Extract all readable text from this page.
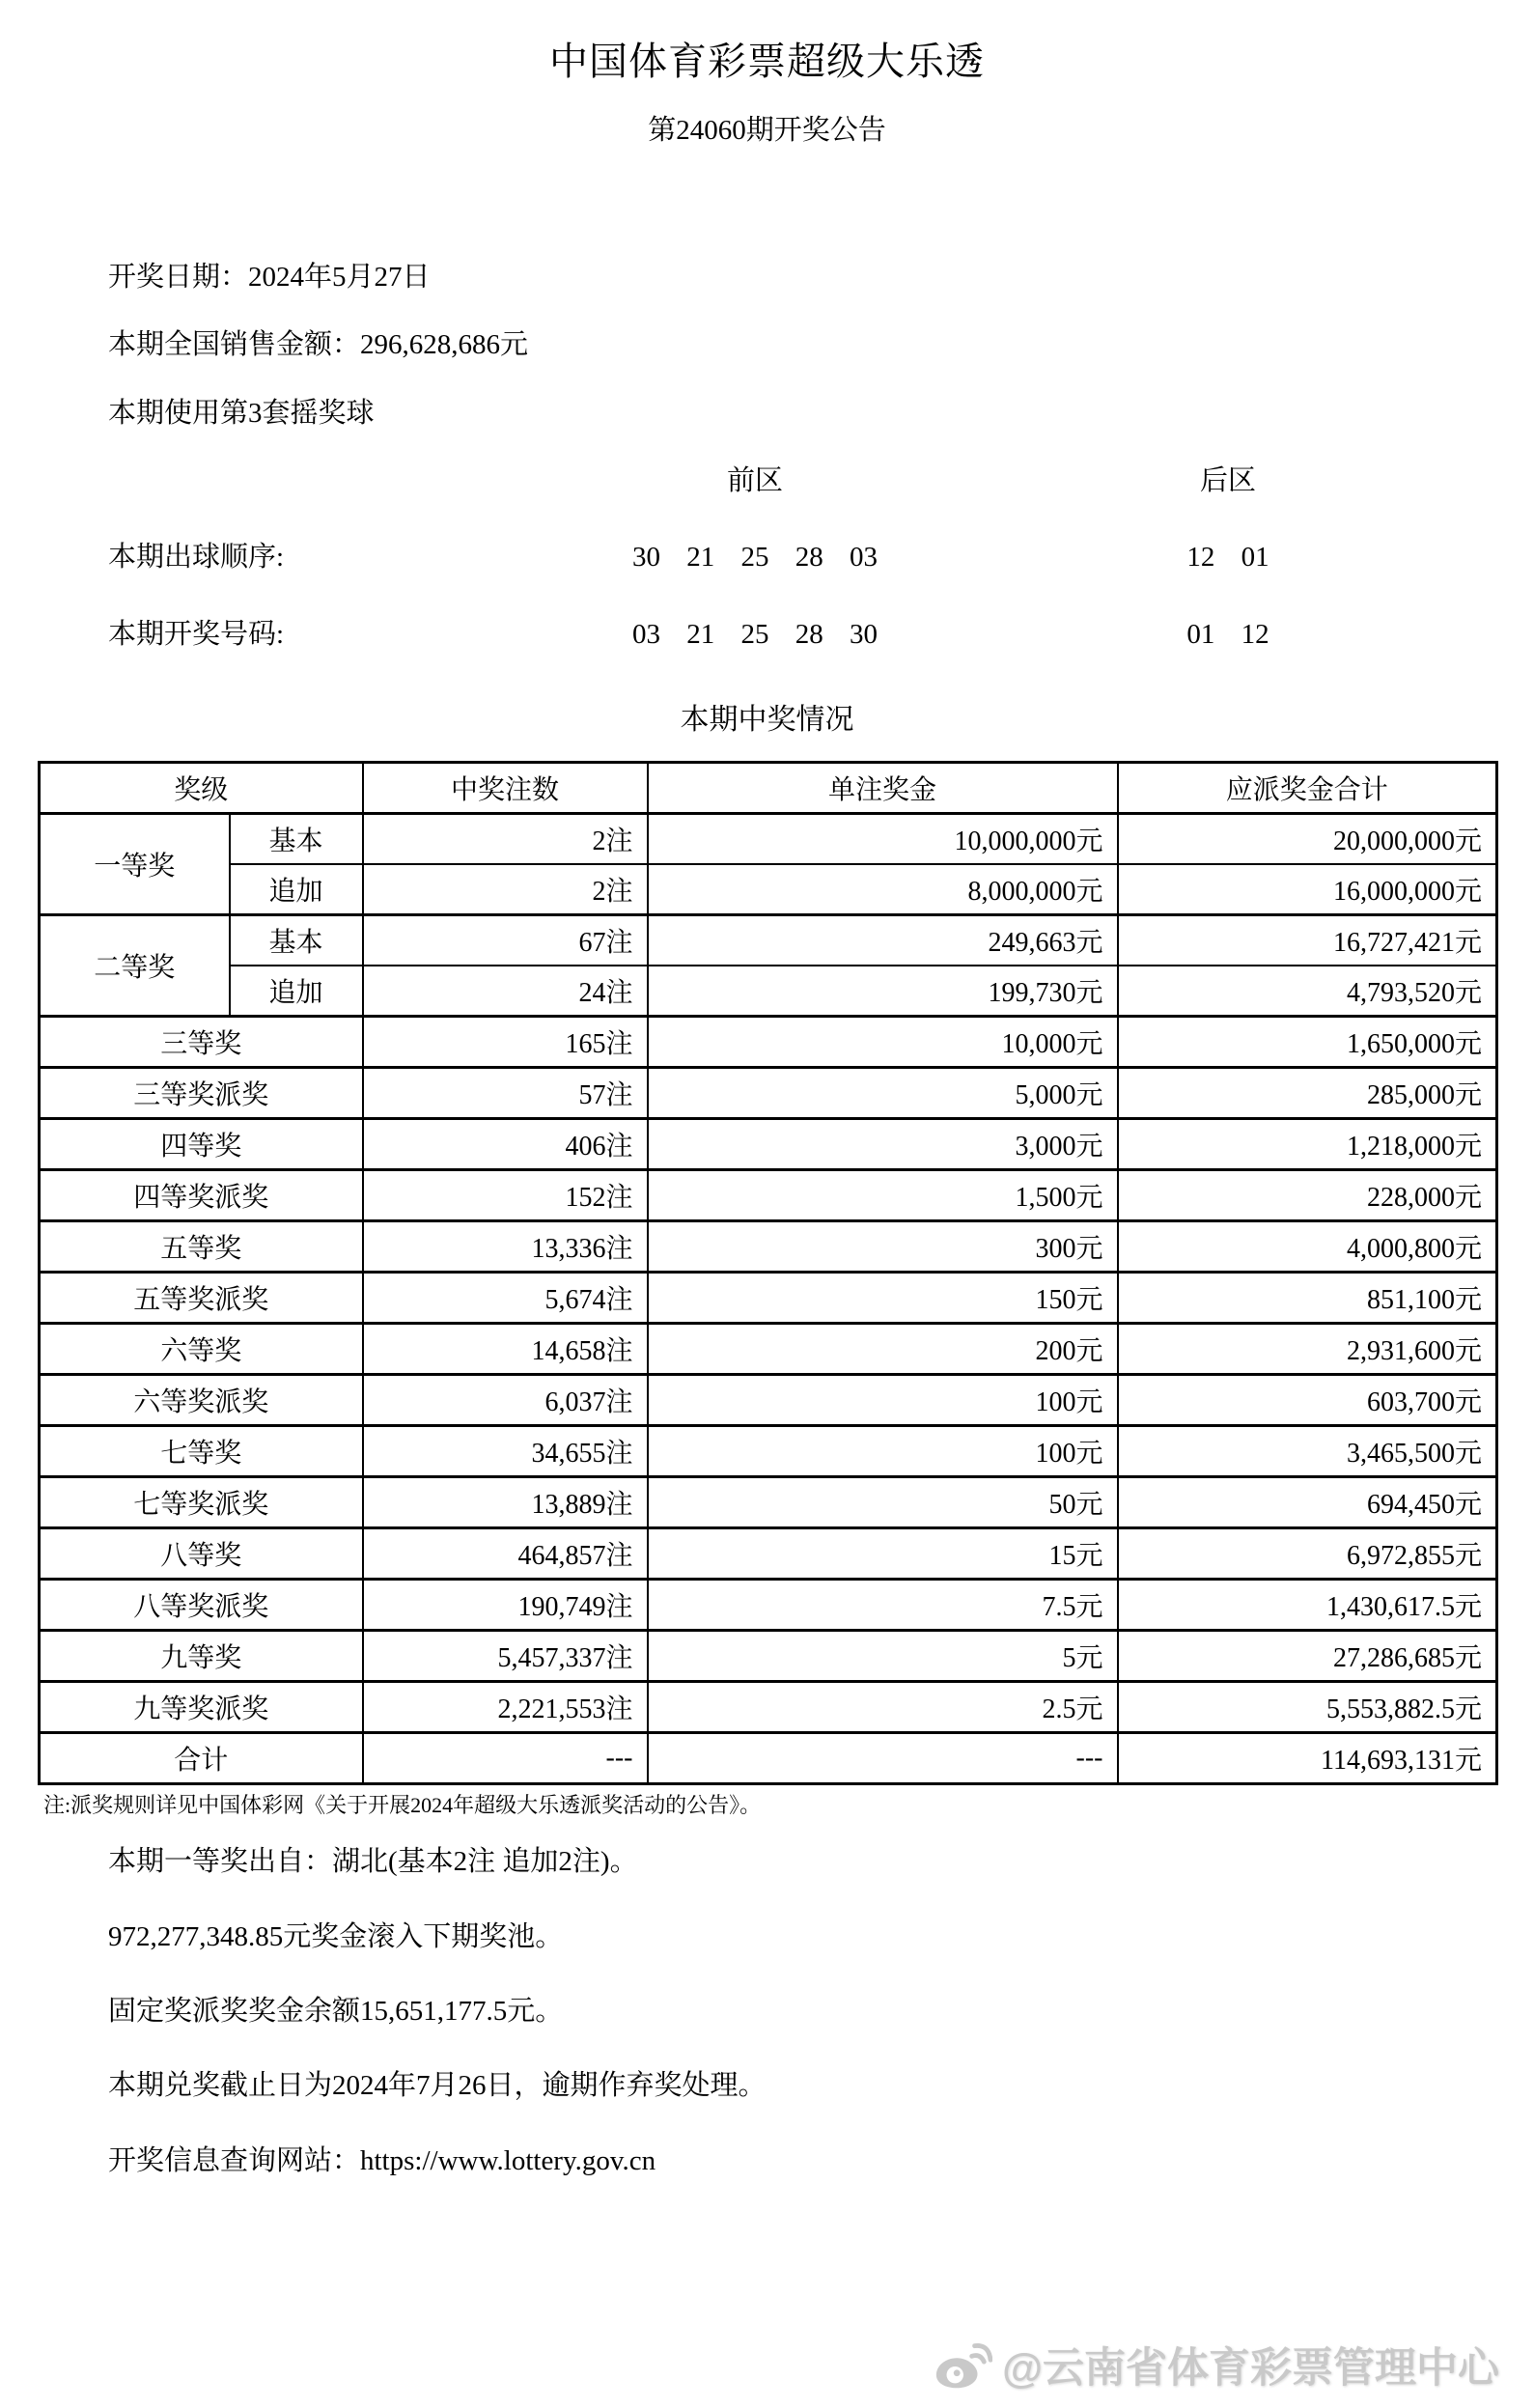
中国体育彩票超级大乐透
第24060期开奖公告

开奖日期：2024年5月27日

本期全国销售金额：296,628,686元

本期使用第3套摇奖球

前区	后区
本期出球顺序:	30 21 25 28 03	12 01
本期开奖号码:	03 21 25 28 30	01 12
本期中奖情况
奖级		中奖注数	单注奖金	应派奖金合计
一等奖	基本	2注	10,000,000元	20,000,000元
	追加	2注	8,000,000元	16,000,000元
二等奖	基本	67注	249,663元	16,727,421元
	追加	24注	199,730元	4,793,520元
三等奖		165注	10,000元	1,650,000元
三等奖派奖		57注	5,000元	285,000元
四等奖		406注	3,000元	1,218,000元
四等奖派奖		152注	1,500元	228,000元
五等奖		13,336注	300元	4,000,800元
五等奖派奖		5,674注	150元	851,100元
六等奖		14,658注	200元	2,931,600元
六等奖派奖		6,037注	100元	603,700元
七等奖		34,655注	100元	3,465,500元
七等奖派奖		13,889注	50元	694,450元
八等奖		464,857注	15元	6,972,855元
八等奖派奖		190,749注	7.5元	1,430,617.5元
九等奖		5,457,337注	5元	27,286,685元
九等奖派奖		2,221,553注	2.5元	5,553,882.5元
合计		---	---	114,693,131元
注:派奖规则详见中国体彩网《关于开展2024年超级大乐透派奖活动的公告》。

本期一等奖出自：湖北(基本2注 追加2注)。

972,277,348.85元奖金滚入下期奖池。

固定奖派奖奖金余额15,651,177.5元。

本期兑奖截止日为2024年7月26日，逾期作弃奖处理。

开奖信息查询网站：https://www.lottery.gov.cn

@云南省体育彩票管理中心
